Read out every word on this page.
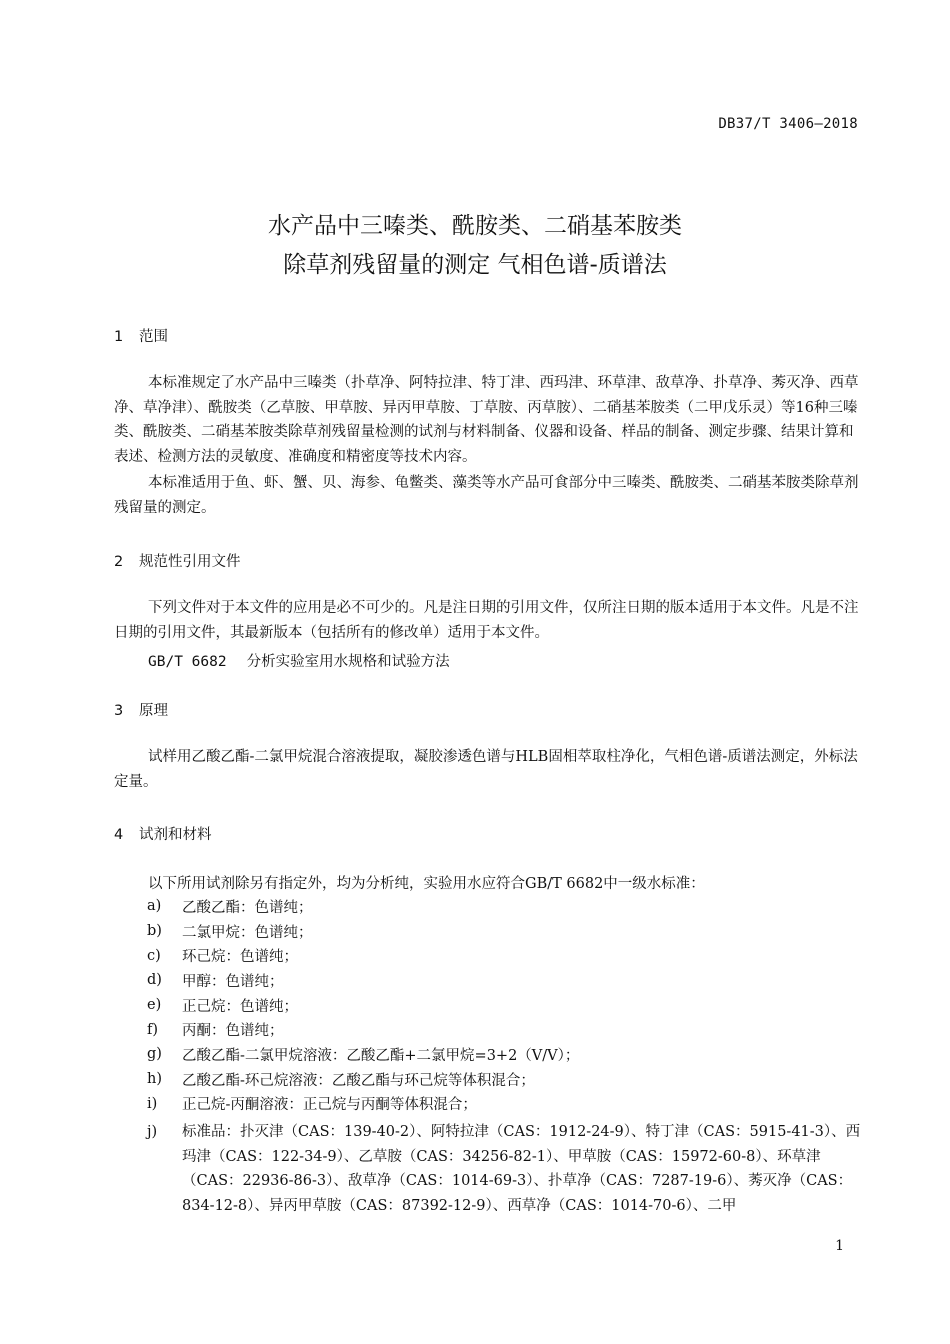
DB37/T 3406—2018
水产品中三嗪类、酰胺类、二硝基苯胺类
除草剂残留量的测定 气相色谱-质谱法
1 范围
本标准规定了水产品中三嗪类（扑草净、阿特拉津、特丁津、西玛津、环草津、敌草净、扑草净、莠灭净、西草净、草净津）、酰胺类（乙草胺、甲草胺、异丙甲草胺、丁草胺、丙草胺）、二硝基苯胺类（二甲戊乐灵）等16种三嗪类、酰胺类、二硝基苯胺类除草剂残留量检测的试剂与材料制备、仪器和设备、样品的制备、测定步骤、结果计算和表述、检测方法的灵敏度、准确度和精密度等技术内容。
本标准适用于鱼、虾、蟹、贝、海参、龟鳖类、藻类等水产品可食部分中三嗪类、酰胺类、二硝基苯胺类除草剂残留量的测定。
2 规范性引用文件
下列文件对于本文件的应用是必不可少的。凡是注日期的引用文件，仅所注日期的版本适用于本文件。凡是不注日期的引用文件，其最新版本（包括所有的修改单）适用于本文件。
GB/T 6682 分析实验室用水规格和试验方法
3 原理
试样用乙酸乙酯-二氯甲烷混合溶液提取，凝胶渗透色谱与HLB固相萃取柱净化，气相色谱-质谱法测定，外标法定量。
4 试剂和材料
以下所用试剂除另有指定外，均为分析纯，实验用水应符合GB/T 6682中一级水标准：
a)	乙酸乙酯：色谱纯；
b)	二氯甲烷：色谱纯；
c)	环己烷：色谱纯；
d)	甲醇：色谱纯；
e)	正己烷：色谱纯；
f)	丙酮：色谱纯；
g)	乙酸乙酯-二氯甲烷溶液：乙酸乙酯+二氯甲烷=3+2（V/V）；
h)	乙酸乙酯-环己烷溶液：乙酸乙酯与环己烷等体积混合；
i)	正己烷-丙酮溶液：正己烷与丙酮等体积混合；
j)	标准品：扑灭津（CAS：139-40-2）、阿特拉津（CAS：1912-24-9）、特丁津（CAS：5915-41-3）、西玛津（CAS：122-34-9）、乙草胺（CAS：34256-82-1）、甲草胺（CAS：15972-60-8）、环草津（CAS：22936-86-3）、敌草净（CAS：1014-69-3）、扑草净（CAS：7287-19-6）、莠灭净（CAS：834-12-8）、异丙甲草胺（CAS：87392-12-9）、西草净（CAS：1014-70-6）、二甲
1
